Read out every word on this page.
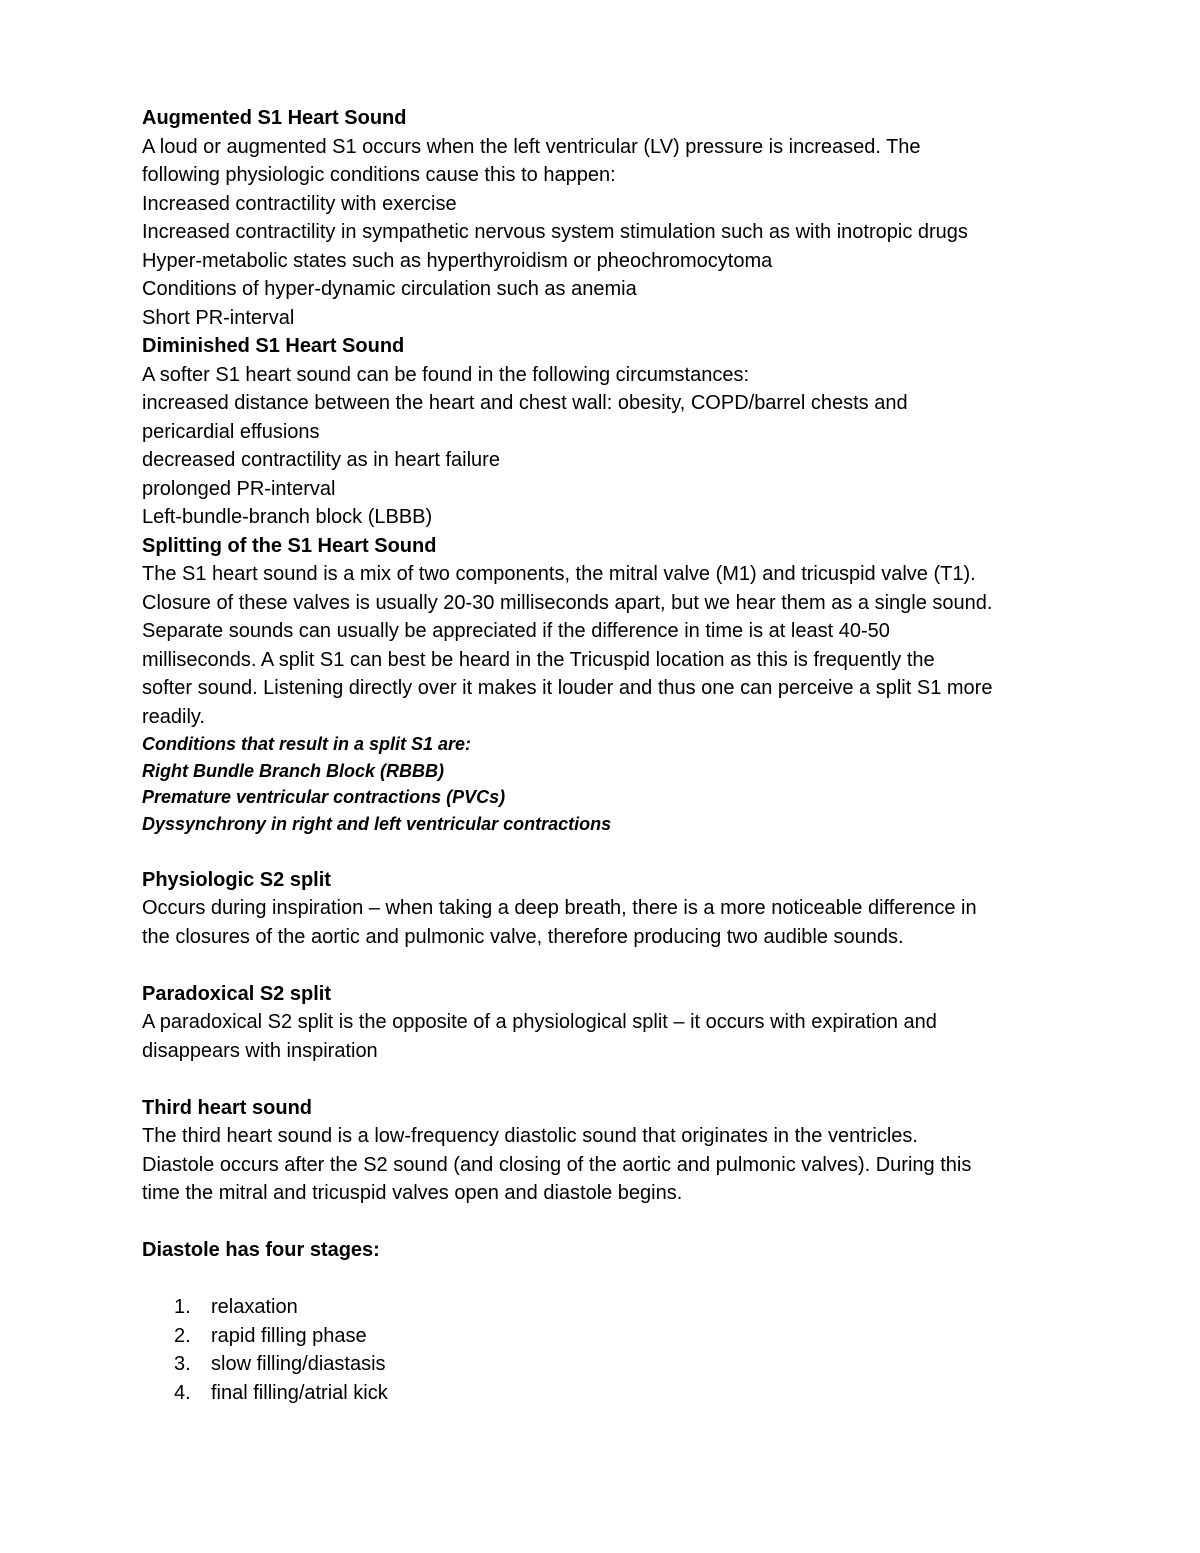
Augmented S1 Heart Sound
A loud or augmented S1 occurs when the left ventricular (LV) pressure is increased. The
following physiologic conditions cause this to happen:
Increased contractility with exercise
Increased contractility in sympathetic nervous system stimulation such as with inotropic drugs
Hyper-metabolic states such as hyperthyroidism or pheochromocytoma
Conditions of hyper-dynamic circulation such as anemia
Short PR-interval
Diminished S1 Heart Sound
A softer S1 heart sound can be found in the following circumstances:
increased distance between the heart and chest wall: obesity, COPD/barrel chests and
pericardial effusions
decreased contractility as in heart failure
prolonged PR-interval
Left-bundle-branch block (LBBB)
Splitting of the S1 Heart Sound
The S1 heart sound is a mix of two components, the mitral valve (M1) and tricuspid valve (T1).
Closure of these valves is usually 20-30 milliseconds apart, but we hear them as a single sound.
Separate sounds can usually be appreciated if the difference in time is at least 40-50
milliseconds. A split S1 can best be heard in the Tricuspid location as this is frequently the
softer sound. Listening directly over it makes it louder and thus one can perceive a split S1 more
readily.
Conditions that result in a split S1 are:
Right Bundle Branch Block (RBBB)
Premature ventricular contractions (PVCs)
Dyssynchrony in right and left ventricular contractions
Physiologic S2 split
Occurs during inspiration – when taking a deep breath, there is a more noticeable difference in
the closures of the aortic and pulmonic valve, therefore producing two audible sounds.
Paradoxical S2 split
A paradoxical S2 split is the opposite of a physiological split – it occurs with expiration and
disappears with inspiration
Third heart sound
The third heart sound is a low-frequency diastolic sound that originates in the ventricles.
Diastole occurs after the S2 sound (and closing of the aortic and pulmonic valves). During this
time the mitral and tricuspid valves open and diastole begins.
Diastole has four stages:
1. relaxation
2. rapid filling phase
3. slow filling/diastasis
4. final filling/atrial kick
